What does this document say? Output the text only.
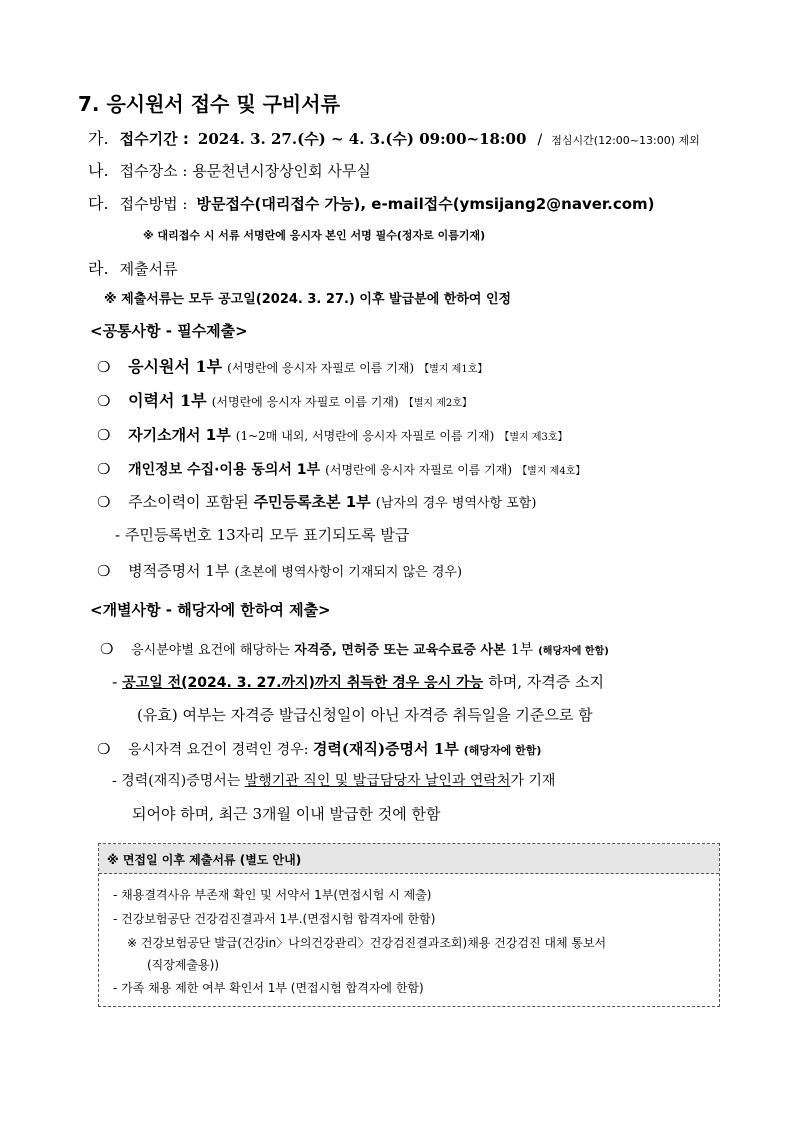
7. 응시원서 접수 및 구비서류
가. 접수기간 : 2024. 3. 27.(수) ~ 4. 3.(수) 09:00~18:00 / 점심시간(12:00~13:00) 제외
나. 접수장소 : 용문천년시장상인회 사무실
다. 접수방법 : 방문접수(대리접수 가능), e-mail접수(ymsijang2@naver.com)
※ 대리접수 시 서류 서명란에 응시자 본인 서명 필수(정자로 이름기재)
라. 제출서류
※ 제출서류는 모두 공고일(2024. 3. 27.) 이후 발급분에 한하여 인정
<공통사항 - 필수제출>
❍ 응시원서 1부 (서명란에 응시자 자필로 이름 기재) 【별지 제1호】
❍ 이력서 1부 (서명란에 응시자 자필로 이름 기재) 【별지 제2호】
❍ 자기소개서 1부 (1~2매 내외, 서명란에 응시자 자필로 이름 기재) 【별지 제3호】
❍ 개인정보 수집·이용 동의서 1부 (서명란에 응시자 자필로 이름 기재) 【별지 제4호】
❍ 주소이력이 포함된 주민등록초본 1부 (남자의 경우 병역사항 포함)
- 주민등록번호 13자리 모두 표기되도록 발급
❍ 병적증명서 1부 (초본에 병역사항이 기재되지 않은 경우)
<개별사항 - 해당자에 한하여 제출>
❍ 응시분야별 요건에 해당하는 자격증, 면허증 또는 교육수료증 사본 1부 (해당자에 한함)
- 공고일 전(2024. 3. 27.까지)까지 취득한 경우 응시 가능 하며, 자격증 소지
(유효) 여부는 자격증 발급신청일이 아닌 자격증 취득일을 기준으로 함
❍ 응시자격 요건이 경력인 경우: 경력(재직)증명서 1부 (해당자에 한함)
- 경력(재직)증명서는 발행기관 직인 및 발급담당자 날인과 연락처가 기재
되어야 하며, 최근 3개월 이내 발급한 것에 한함
※ 면접일 이후 제출서류 (별도 안내)
- 채용결격사유 부존재 확인 및 서약서 1부(면접시험 시 제출)
- 건강보험공단 건강검진결과서 1부.(면접시험 합격자에 한함)
※ 건강보험공단 발급(건강in〉나의건강관리〉건강검진결과조회)채용 건강검진 대체 통보서
(직장제출용))
- 가족 채용 제한 여부 확인서 1부 (면접시험 합격자에 한함)
